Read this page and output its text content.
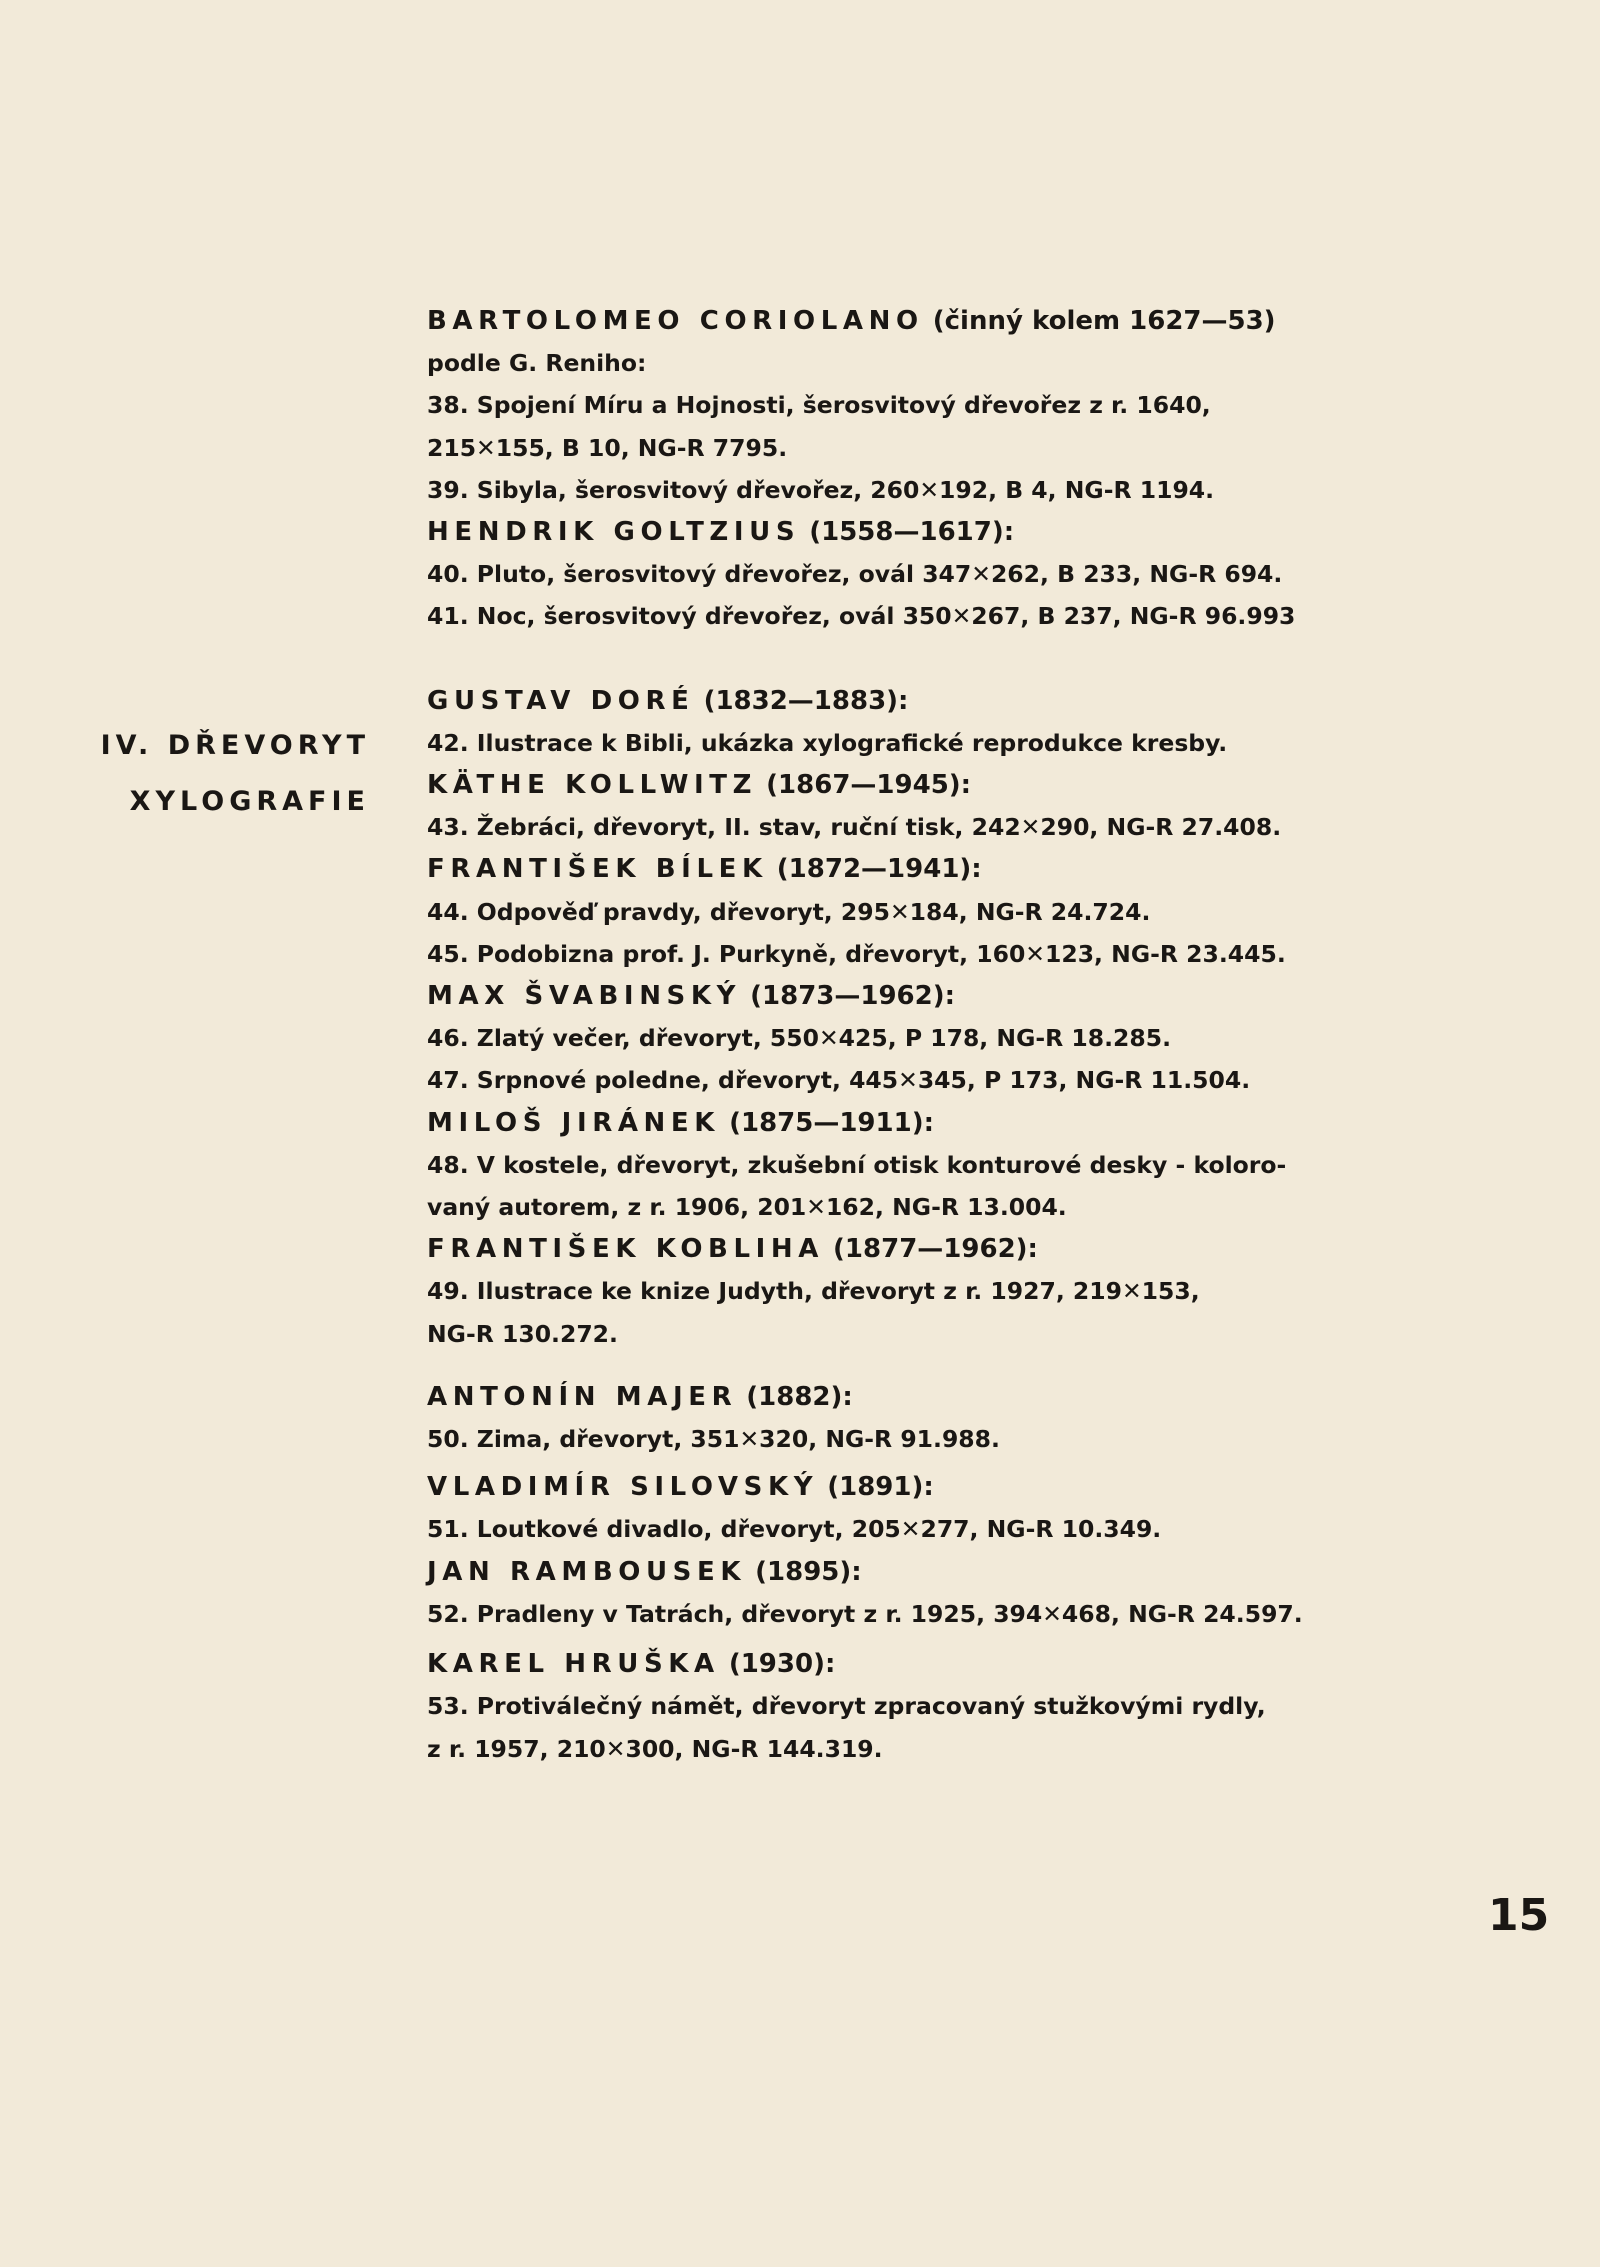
IV. DŘEVORYT
XYLOGRAFIE
BARTOLOMEO CORIOLANO (činný kolem 1627—53)
podle G. Reniho:
38. Spojení Míru a Hojnosti, šerosvitový dřevořez z r. 1640,
215✕155, B 10, NG-R 7795.
39. Sibyla, šerosvitový dřevořez, 260✕192, B 4, NG-R 1194.
HENDRIK GOLTZIUS (1558—1617):
40. Pluto, šerosvitový dřevořez, ovál 347✕262, B 233, NG-R 694.
41. Noc, šerosvitový dřevořez, ovál 350✕267, B 237, NG-R 96.993
GUSTAV DORÉ (1832—1883):
42. Ilustrace k Bibli, ukázka xylografické reprodukce kresby.
KÄTHE KOLLWITZ (1867—1945):
43. Žebráci, dřevoryt, II. stav, ruční tisk, 242✕290, NG-R 27.408.
FRANTIŠEK BÍLEK (1872—1941):
44. Odpověď pravdy, dřevoryt, 295✕184, NG-R 24.724.
45. Podobizna prof. J. Purkyně, dřevoryt, 160✕123, NG-R 23.445.
MAX ŠVABINSKÝ (1873—1962):
46. Zlatý večer, dřevoryt, 550✕425, P 178, NG-R 18.285.
47. Srpnové poledne, dřevoryt, 445✕345, P 173, NG-R 11.504.
MILOŠ JIRÁNEK (1875—1911):
48. V kostele, dřevoryt, zkušební otisk konturové desky - koloro-
vaný autorem, z r. 1906, 201✕162, NG-R 13.004.
FRANTIŠEK KOBLIHA (1877—1962):
49. Ilustrace ke knize Judyth, dřevoryt z r. 1927, 219✕153,
NG-R 130.272.
ANTONÍN MAJER (1882):
50. Zima, dřevoryt, 351✕320, NG-R 91.988.
VLADIMÍR SILOVSKÝ (1891):
51. Loutkové divadlo, dřevoryt, 205✕277, NG-R 10.349.
JAN RAMBOUSEK (1895):
52. Pradleny v Tatrách, dřevoryt z r. 1925, 394✕468, NG-R 24.597.
KAREL HRUŠKA (1930):
53. Protiválečný námět, dřevoryt zpracovaný stužkovými rydly,
z r. 1957, 210✕300, NG-R 144.319.
15
